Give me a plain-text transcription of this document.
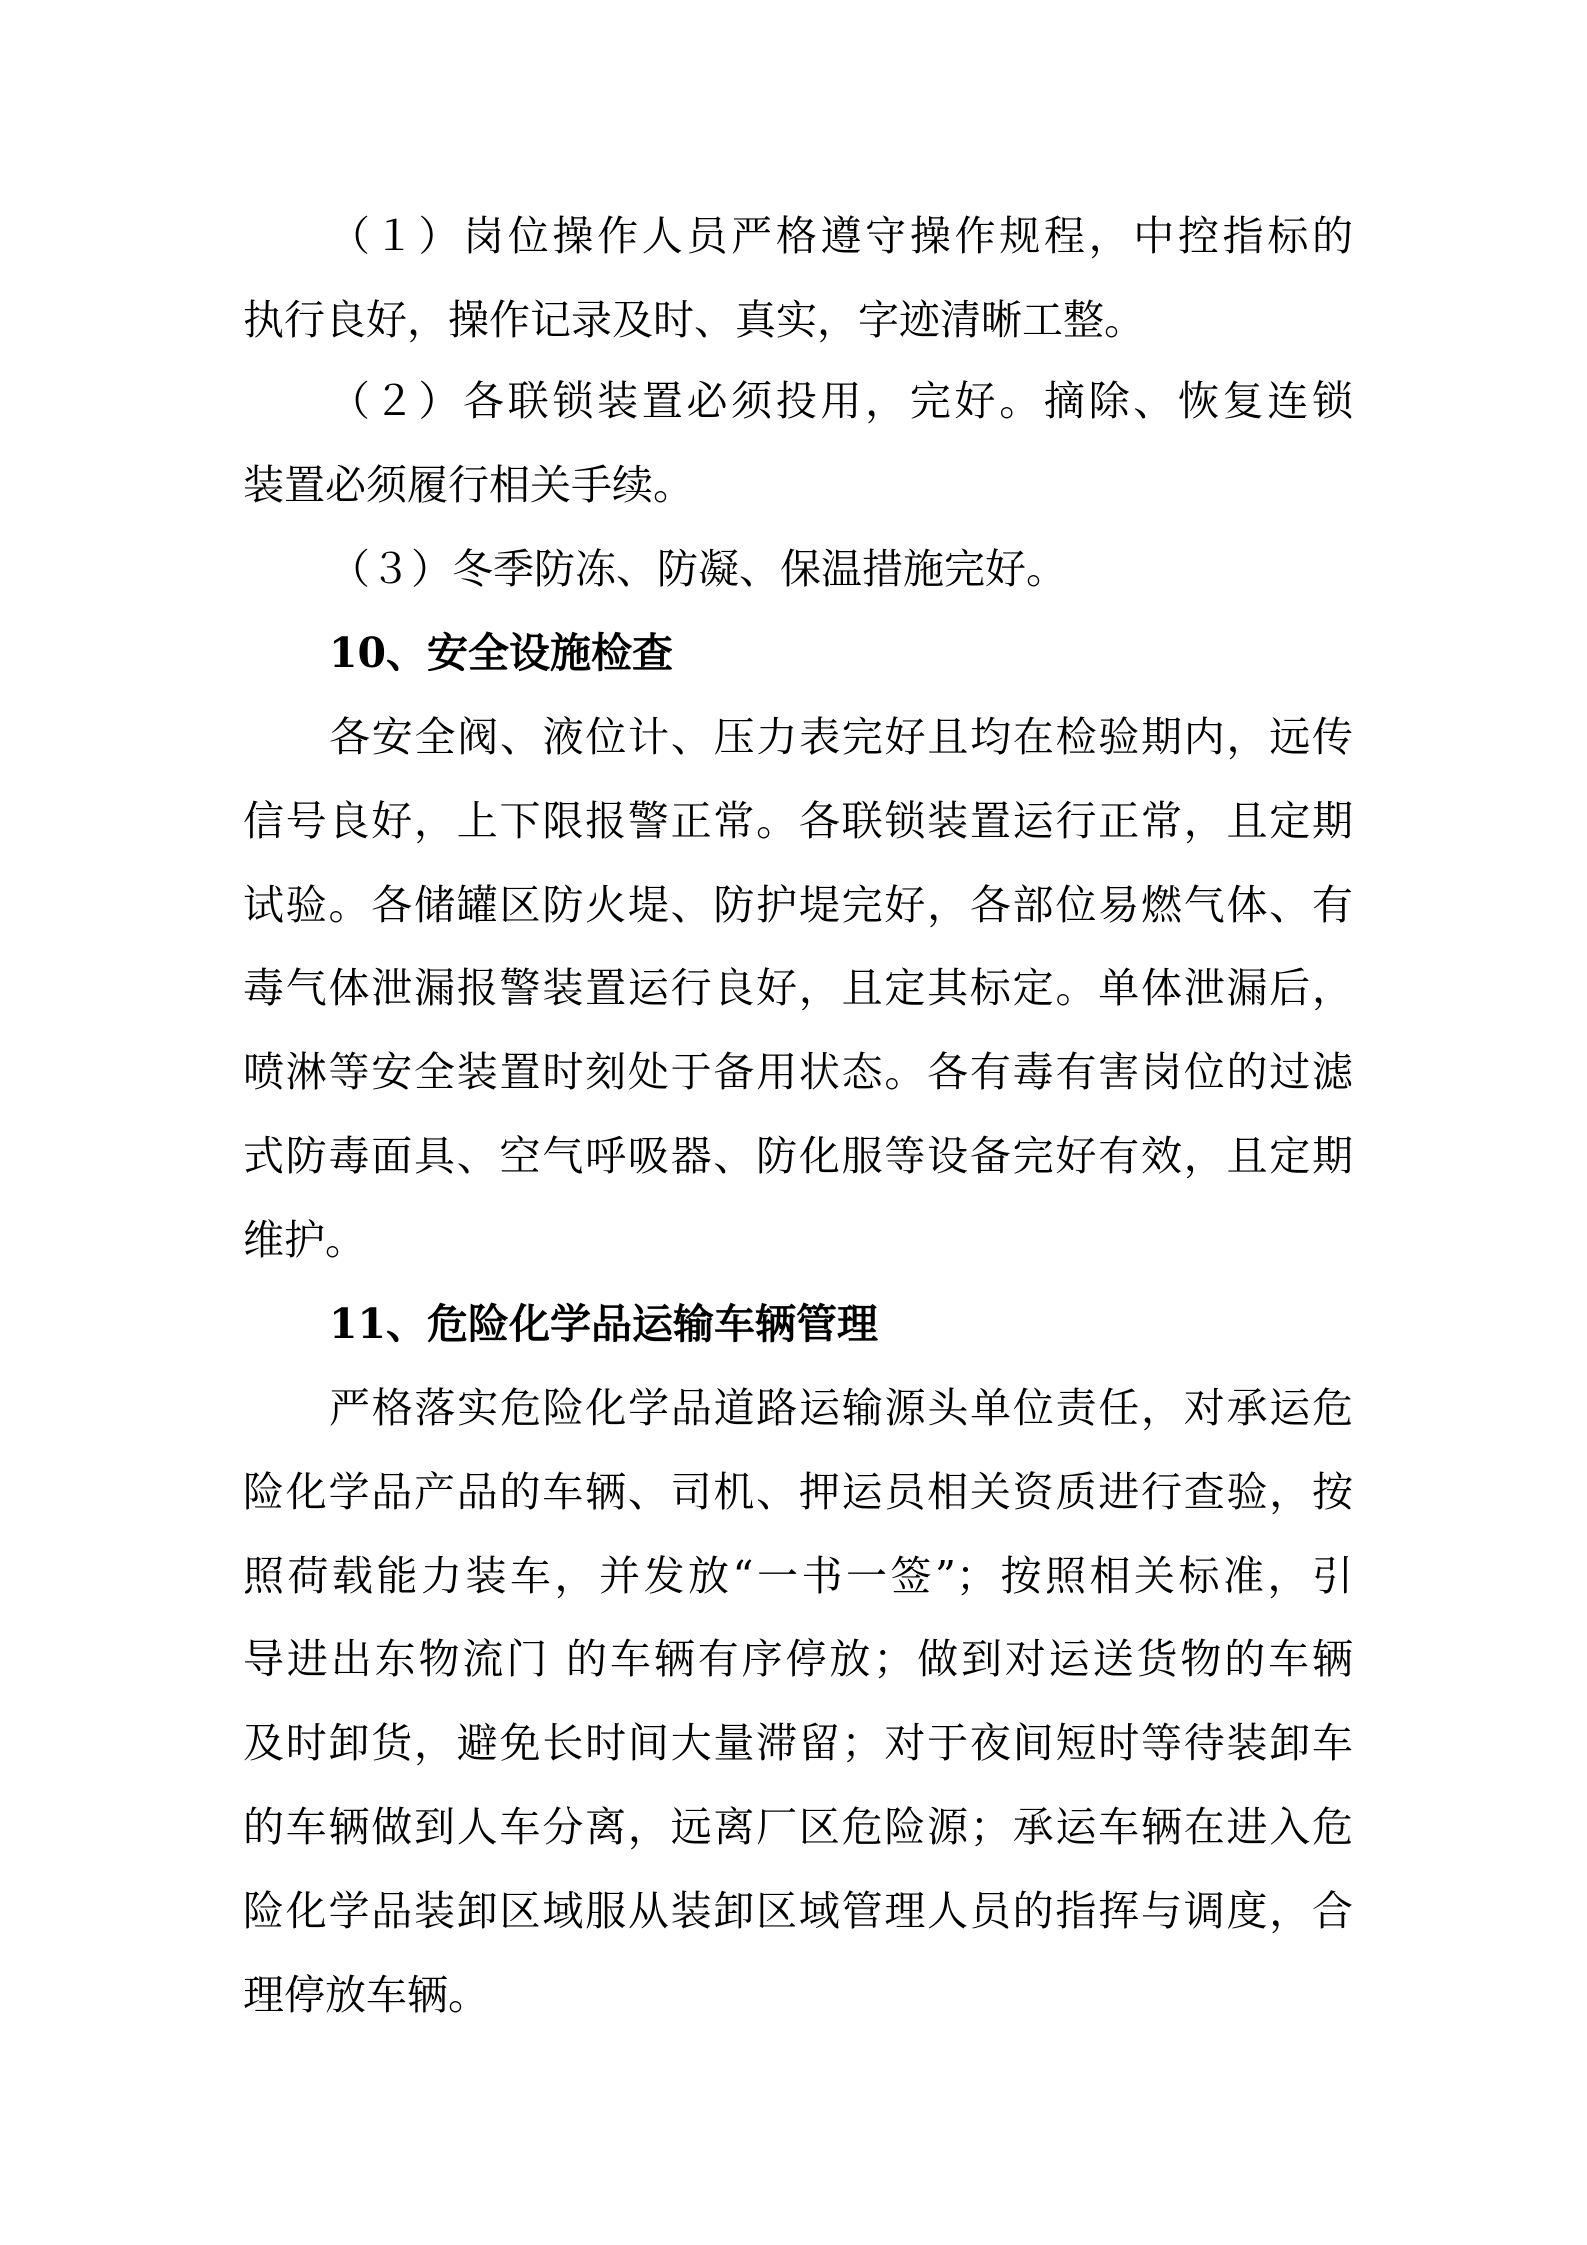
（１）岗位操作人员严格遵守操作规程，中控指标的
执行良好，操作记录及时、真实，字迹清晰工整。
（２）各联锁装置必须投用，完好。摘除、恢复连锁
装置必须履行相关手续。
（３）冬季防冻、防凝、保温措施完好。
10、安全设施检查
各安全阀、液位计、压力表完好且均在检验期内，远传
信号良好，上下限报警正常。各联锁装置运行正常，且定期
试验。各储罐区防火堤、防护堤完好，各部位易燃气体、有
毒气体泄漏报警装置运行良好，且定其标定。单体泄漏后，
喷淋等安全装置时刻处于备用状态。各有毒有害岗位的过滤
式防毒面具、空气呼吸器、防化服等设备完好有效，且定期
维护。
11、危险化学品运输车辆管理
严格落实危险化学品道路运输源头单位责任，对承运危
险化学品产品的车辆、司机、押运员相关资质进行查验，按
照荷载能力装车，并发放“一书一签”；按照相关标准，引
导进出东物流门 的车辆有序停放；做到对运送货物的车辆
及时卸货，避免长时间大量滞留；对于夜间短时等待装卸车
的车辆做到人车分离，远离厂区危险源；承运车辆在进入危
险化学品装卸区域服从装卸区域管理人员的指挥与调度，合
理停放车辆。
